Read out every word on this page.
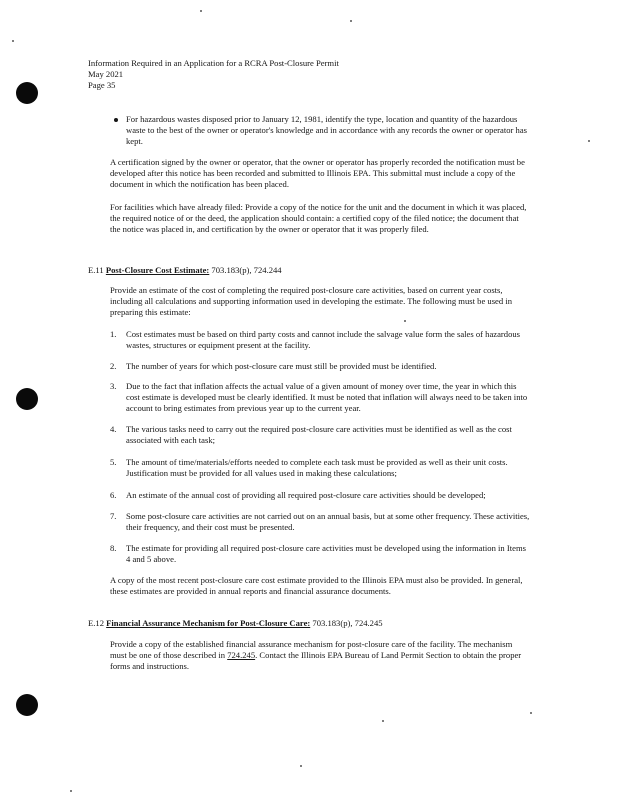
Information Required in an Application for a RCRA Post-Closure Permit
May 2021
Page 35

For hazardous wastes disposed prior to January 12, 1981, identify the type, location and quantity of the hazardous waste to the best of the owner or operator's knowledge and in accordance with any records the owner or operator has kept.

A certification signed by the owner or operator, that the owner or operator has properly recorded the notification must be developed after this notice has been recorded and submitted to Illinois EPA. This submittal must include a copy of the document in which the notification has been placed.

For facilities which have already filed: Provide a copy of the notice for the unit and the document in which it was placed, the required notice of or the deed, the application should contain: a certified copy of the filed notice; the document that the notice was placed in, and certification by the owner or operator that it was properly filed.

E.11 Post-Closure Cost Estimate: 703.183(p), 724.244

Provide an estimate of the cost of completing the required post-closure care activities, based on current year costs, including all calculations and supporting information used in developing the estimate. The following must be used in preparing this estimate:

1.	Cost estimates must be based on third party costs and cannot include the salvage value form the sales of hazardous wastes, structures or equipment present at the facility.

2.	The number of years for which post-closure care must still be provided must be identified.

3.	Due to the fact that inflation affects the actual value of a given amount of money over time, the year in which this cost estimate is developed must be clearly identified. It must be noted that inflation will always need to be taken into account to bring estimates from previous year up to the current year.

4.	The various tasks need to carry out the required post-closure care activities must be identified as well as the cost associated with each task;

5.	The amount of time/materials/efforts needed to complete each task must be provided as well as their unit costs. Justification must be provided for all values used in making these calculations;

6.	An estimate of the annual cost of providing all required post-closure care activities should be developed;

7.	Some post-closure care activities are not carried out on an annual basis, but at some other frequency. These activities, their frequency, and their cost must be presented.

8.	The estimate for providing all required post-closure care activities must be developed using the information in Items 4 and 5 above.

A copy of the most recent post-closure care cost estimate provided to the Illinois EPA must also be provided. In general, these estimates are provided in annual reports and financial assurance documents.

E.12 Financial Assurance Mechanism for Post-Closure Care: 703.183(p), 724.245

Provide a copy of the established financial assurance mechanism for post-closure care of the facility. The mechanism must be one of those described in 724.245. Contact the Illinois EPA Bureau of Land Permit Section to obtain the proper forms and instructions.
